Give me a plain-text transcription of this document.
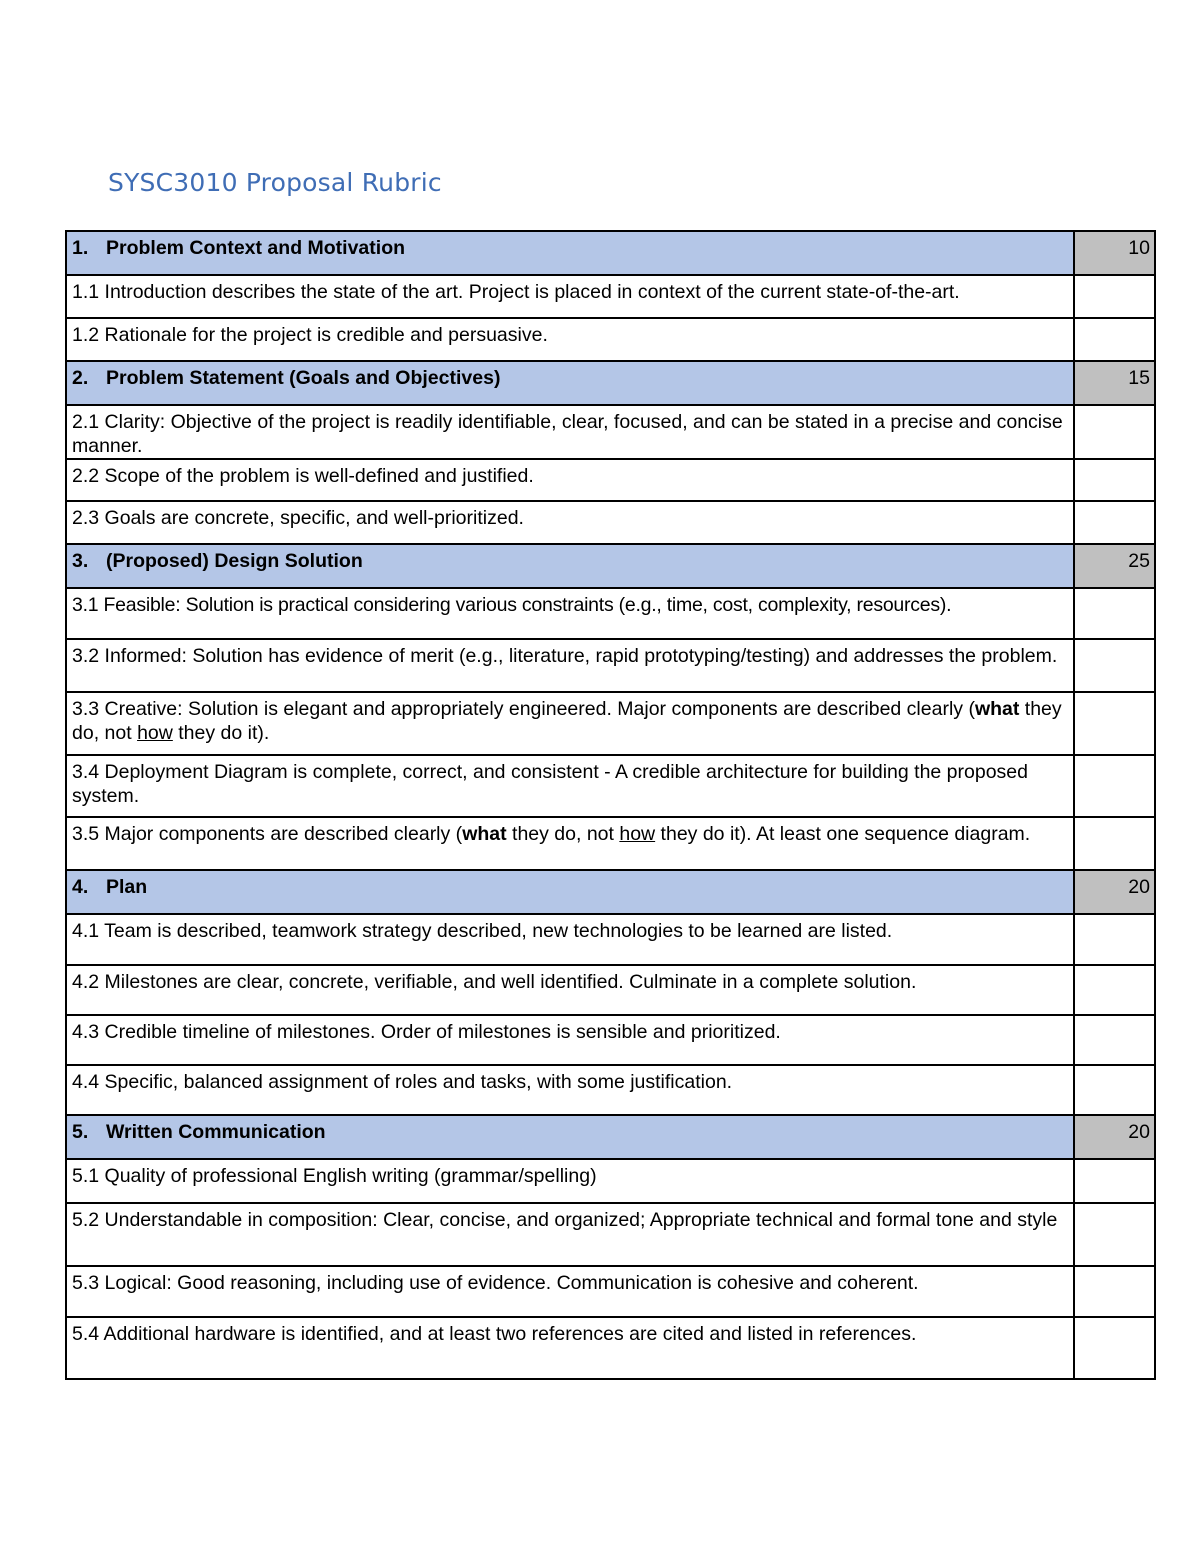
SYSC3010 Proposal Rubric
1. Problem Context and Motivation	10
1.1 Introduction describes the state of the art. Project is placed in context of the current state-of-the-art.	
1.2 Rationale for the project is credible and persuasive.	
2. Problem Statement (Goals and Objectives)	15
2.1 Clarity: Objective of the project is readily identifiable, clear, focused, and can be stated in a precise and concise manner.	
2.2 Scope of the problem is well-defined and justified.	
2.3 Goals are concrete, specific, and well-prioritized.	
3. (Proposed) Design Solution	25
3.1 Feasible: Solution is practical considering various constraints (e.g., time, cost, complexity, resources).	
3.2 Informed: Solution has evidence of merit (e.g., literature, rapid prototyping/testing) and addresses the problem.	
3.3 Creative: Solution is elegant and appropriately engineered. Major components are described clearly (what they do, not how they do it).	
3.4 Deployment Diagram is complete, correct, and consistent - A credible architecture for building the proposed system.	
3.5 Major components are described clearly (what they do, not how they do it). At least one sequence diagram.	
4. Plan	20
4.1 Team is described, teamwork strategy described, new technologies to be learned are listed.	
4.2 Milestones are clear, concrete, verifiable, and well identified. Culminate in a complete solution.	
4.3 Credible timeline of milestones. Order of milestones is sensible and prioritized.	
4.4 Specific, balanced assignment of roles and tasks, with some justification.	
5. Written Communication	20
5.1 Quality of professional English writing (grammar/spelling)	
5.2 Understandable in composition: Clear, concise, and organized; Appropriate technical and formal tone and style	
5.3 Logical: Good reasoning, including use of evidence. Communication is cohesive and coherent.	
5.4 Additional hardware is identified, and at least two references are cited and listed in references.	
